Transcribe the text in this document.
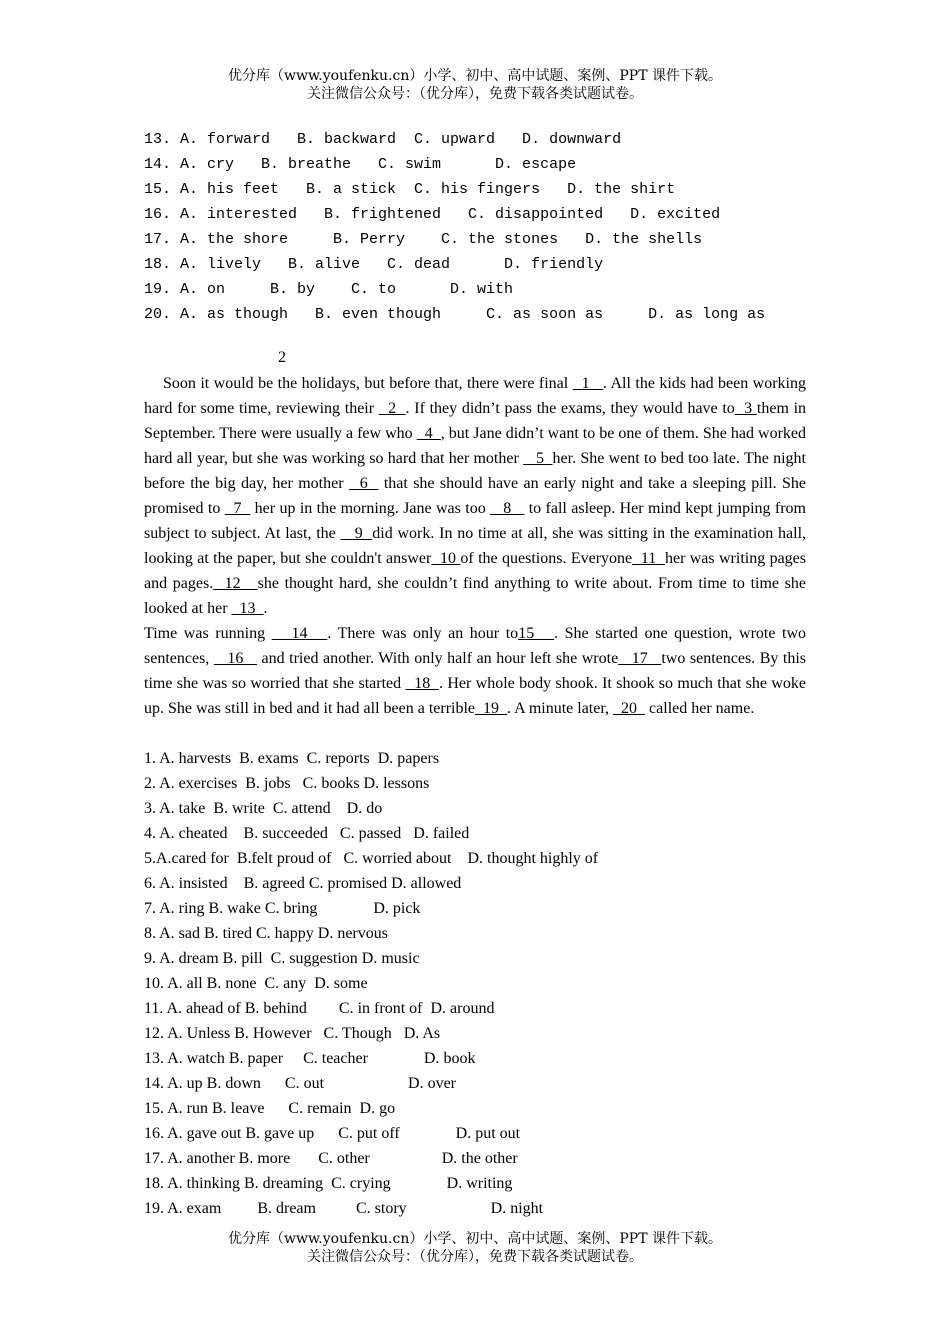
优分库（www.youfenku.cn）小学、初中、高中试题、案例、PPT 课件下载。
关注微信公众号：（优分库），免费下载各类试题试卷。
13. A. forward   B. backward  C. upward   D. downward
14. A. cry   B. breathe   C. swim      D. escape
15. A. his feet   B. a stick  C. his fingers   D. the shirt
16. A. interested   B. frightened   C. disappointed   D. excited
17. A. the shore     B. Perry    C. the stones   D. the shells
18. A. lively   B. alive   C. dead      D. friendly
19. A. on     B. by    C. to      D. with
20. A. as though   B. even though     C. as soon as     D. as long as
2

Soon it would be the holidays, but before that, there were final   1   . All the kids had been working hard for some time, reviewing their   2  . If they didn’t pass the exams, they would have to  3 them in September. There were usually a few who   4  , but Jane didn’t want to be one of them. She had worked hard all year, but she was working so hard that her mother    5  her. She went to bed too late. The night before the big day, her mother   6   that she should have an early night and take a sleeping pill. She promised to   7   her up in the morning. Jane was too    8    to fall asleep. Her mind kept jumping from subject to subject. At last, the    9  did work. In no time at all, she was sitting in the examination hall, looking at the paper, but she couldn't answer  10 of the questions. Everyone  11  her was writing pages and pages.  12   she thought hard, she couldn’t find anything to write about. From time to time she looked at her   13  .

Time was running    14   . There was only an hour to15   . She started one question, wrote two sentences,    16    and tried another. With only half an hour left she wrote   17   two sentences. By this time she was so worried that she started   18  . Her whole body shook. It shook so much that she woke up. She was still in bed and it had all been a terrible  19  . A minute later,   20   called her name.

1. A. harvests  B. exams  C. reports  D. papers
2. A. exercises  B. jobs   C. books D. lessons
3. A. take  B. write  C. attend    D. do
4. A. cheated    B. succeeded   C. passed   D. failed
5.A.cared for  B.felt proud of   C. worried about    D. thought highly of
6. A. insisted    B. agreed C. promised D. allowed
7. A. ring B. wake C. bring              D. pick
8. A. sad B. tired C. happy D. nervous
9. A. dream B. pill  C. suggestion D. music
10. A. all B. none  C. any  D. some
11. A. ahead of B. behind        C. in front of  D. around
12. A. Unless B. However   C. Though   D. As
13. A. watch B. paper     C. teacher              D. book
14. A. up B. down      C. out                     D. over
15. A. run B. leave      C. remain  D. go
16. A. gave out B. gave up      C. put off              D. put out
17. A. another B. more       C. other                  D. the other
18. A. thinking B. dreaming  C. crying              D. writing
19. A. exam         B. dream          C. story                     D. night
优分库（www.youfenku.cn）小学、初中、高中试题、案例、PPT 课件下载。
关注微信公众号：（优分库），免费下载各类试题试卷。
